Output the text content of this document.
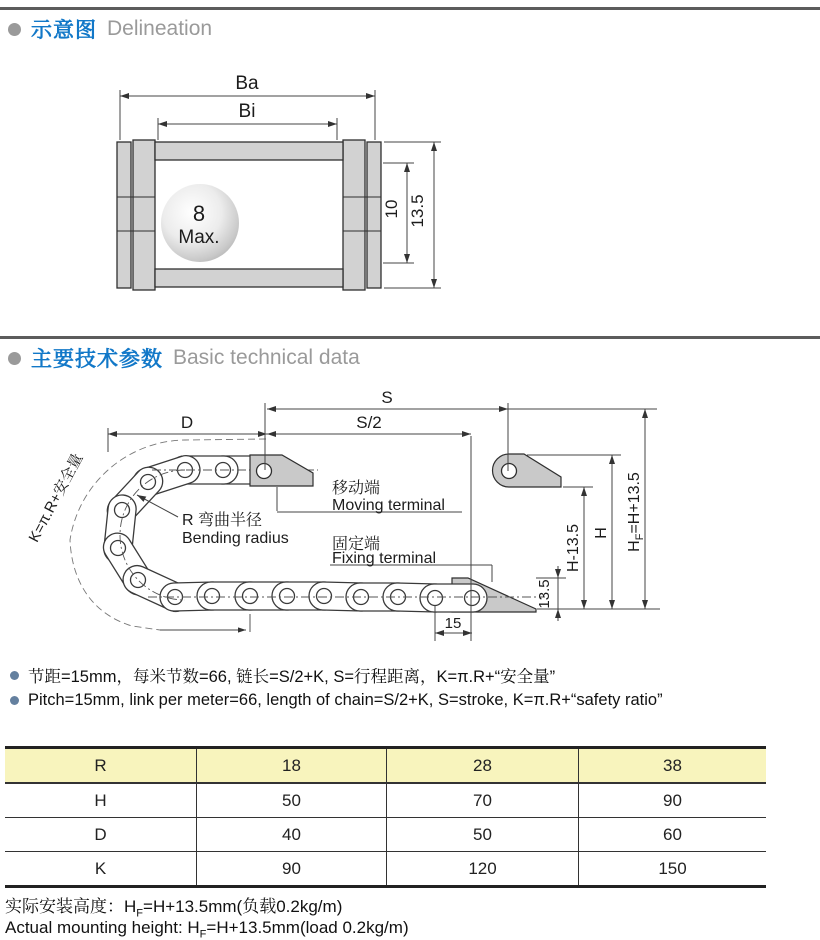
示意图 Delineation
主要技术参数 Basic technical data
Ba
Bi
8
Max.
10 13.5
S
S/2
D
移动端
Moving terminal
固定端
Fixing terminal
R 弯曲半径
Bending radius
K=π.R+安全量
H-13.5 H
$H_F=H+13.5$
13.5
15
节距=15mm，每米节数=66, 链长=S/2+K, S=行程距离，K=π.R+“安全量”
Pitch=15mm, link per meter=66, length of chain=S/2+K, S=stroke, K=π.R+“safety ratio”
R	18	28	38
H	50	70	90
D	40	50	60
K	90	120	150
实际安装高度：$H_F=H+13.5mm$(负载0.2kg/m)
Actual mounting height: $H_F=H+13.5mm(load$ 0.2kg/m)
